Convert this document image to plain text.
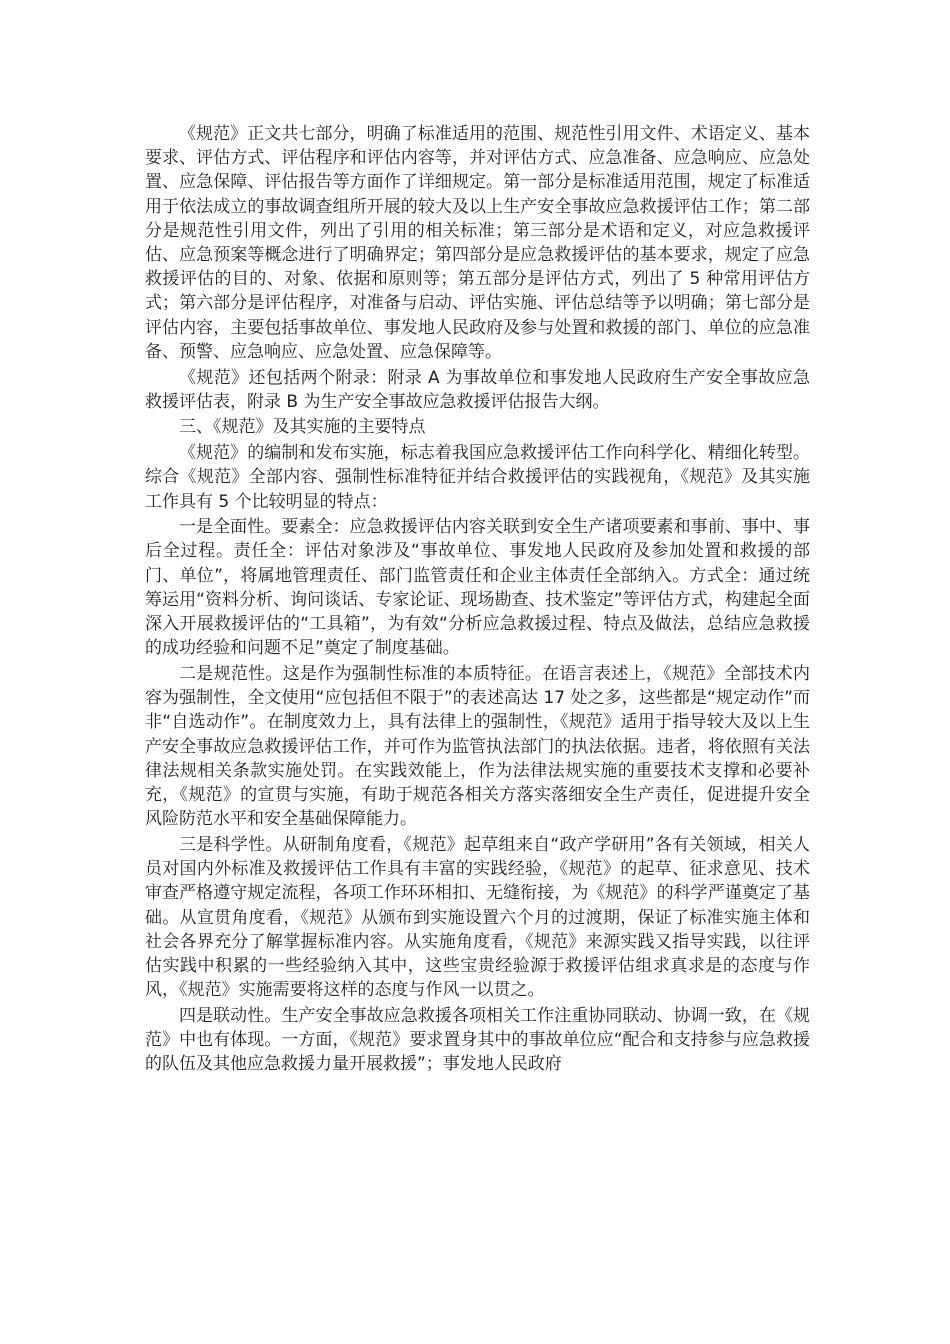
《规范》正文共七部分，明确了标准适用的范围、规范性引用文件、术语定义、基本要求、评估方式、评估程序和评估内容等，并对评估方式、应急准备、应急响应、应急处置、应急保障、评估报告等方面作了详细规定。第一部分是标准适用范围，规定了标准适用于依法成立的事故调查组所开展的较大及以上生产安全事故应急救援评估工作；第二部分是规范性引用文件，列出了引用的相关标准；第三部分是术语和定义，对应急救援评估、应急预案等概念进行了明确界定；第四部分是应急救援评估的基本要求，规定了应急救援评估的目的、对象、依据和原则等；第五部分是评估方式，列出了 5 种常用评估方式；第六部分是评估程序，对准备与启动、评估实施、评估总结等予以明确；第七部分是评估内容，主要包括事故单位、事发地人民政府及参与处置和救援的部门、单位的应急准备、预警、应急响应、应急处置、应急保障等。

《规范》还包括两个附录：附录 A 为事故单位和事发地人民政府生产安全事故应急救援评估表，附录 B 为生产安全事故应急救援评估报告大纲。

三、《规范》及其实施的主要特点

《规范》的编制和发布实施，标志着我国应急救援评估工作向科学化、精细化转型。综合《规范》全部内容、强制性标准特征并结合救援评估的实践视角，《规范》及其实施工作具有 5 个比较明显的特点：

一是全面性。要素全：应急救援评估内容关联到安全生产诸项要素和事前、事中、事后全过程。责任全：评估对象涉及“事故单位、事发地人民政府及参加处置和救援的部门、单位”，将属地管理责任、部门监管责任和企业主体责任全部纳入。方式全：通过统筹运用“资料分析、询问谈话、专家论证、现场勘查、技术鉴定”等评估方式，构建起全面深入开展救援评估的“工具箱”，为有效“分析应急救援过程、特点及做法，总结应急救援的成功经验和问题不足”奠定了制度基础。

二是规范性。这是作为强制性标准的本质特征。在语言表述上，《规范》全部技术内容为强制性，全文使用“应包括但不限于”的表述高达 17 处之多，这些都是“规定动作”而非“自选动作”。在制度效力上，具有法律上的强制性，《规范》适用于指导较大及以上生产安全事故应急救援评估工作，并可作为监管执法部门的执法依据。违者，将依照有关法律法规相关条款实施处罚。在实践效能上，作为法律法规实施的重要技术支撑和必要补充，《规范》的宣贯与实施，有助于规范各相关方落实落细安全生产责任，促进提升安全风险防范水平和安全基础保障能力。

三是科学性。从研制角度看，《规范》起草组来自“政产学研用”各有关领域，相关人员对国内外标准及救援评估工作具有丰富的实践经验，《规范》的起草、征求意见、技术审查严格遵守规定流程，各项工作环环相扣、无缝衔接，为《规范》的科学严谨奠定了基础。从宣贯角度看，《规范》从颁布到实施设置六个月的过渡期，保证了标准实施主体和社会各界充分了解掌握标准内容。从实施角度看，《规范》来源实践又指导实践，以往评估实践中积累的一些经验纳入其中，这些宝贵经验源于救援评估组求真求是的态度与作风，《规范》实施需要将这样的态度与作风一以贯之。

四是联动性。生产安全事故应急救援各项相关工作注重协同联动、协调一致，在《规范》中也有体现。一方面，《规范》要求置身其中的事故单位应“配合和支持参与应急救援的队伍及其他应急救援力量开展救援”；事发地人民政府
